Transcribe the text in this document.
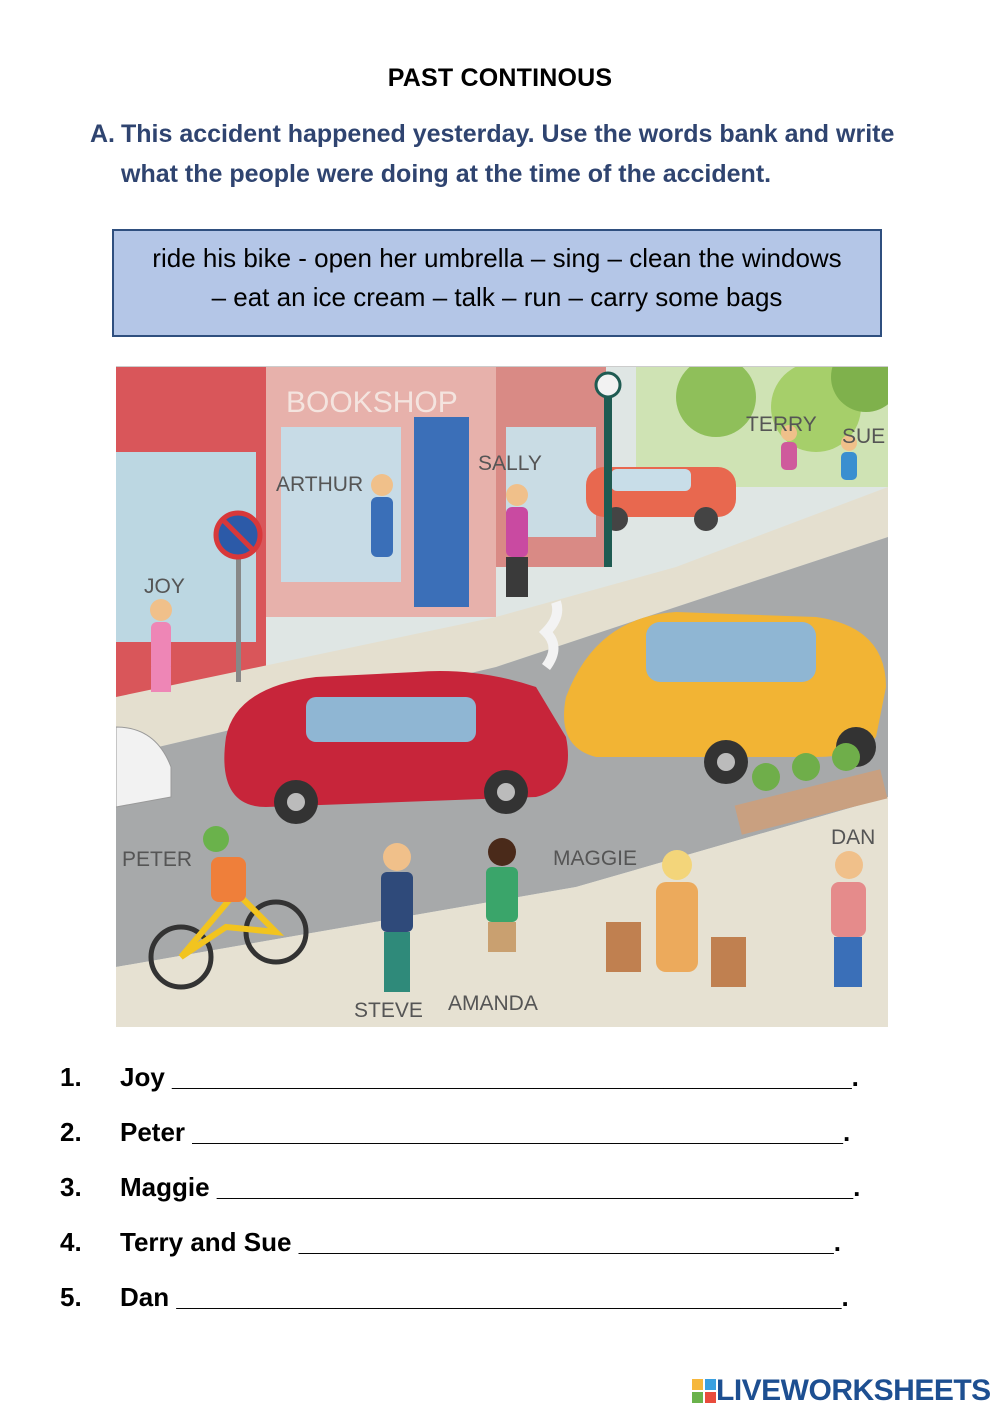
PAST CONTINOUS
A. This accident happened yesterday. Use the words bank and write
what the people were doing at the time of the accident.
ride his bike - open her umbrella – sing – clean the windows
– eat an ice cream – talk – run – carry some bags
BOOKSHOP
ARTHUR
SALLY
TERRY
SUE
JOY
PETER	MAGGIE
DAN
STEVE AMANDA
1. Joy _______________________________________________.
2. Peter _____________________________________________.
3. Maggie ____________________________________________.
4. Terry and Sue _____________________________________.
5. Dan ______________________________________________.
LIVEWORKSHEETS
